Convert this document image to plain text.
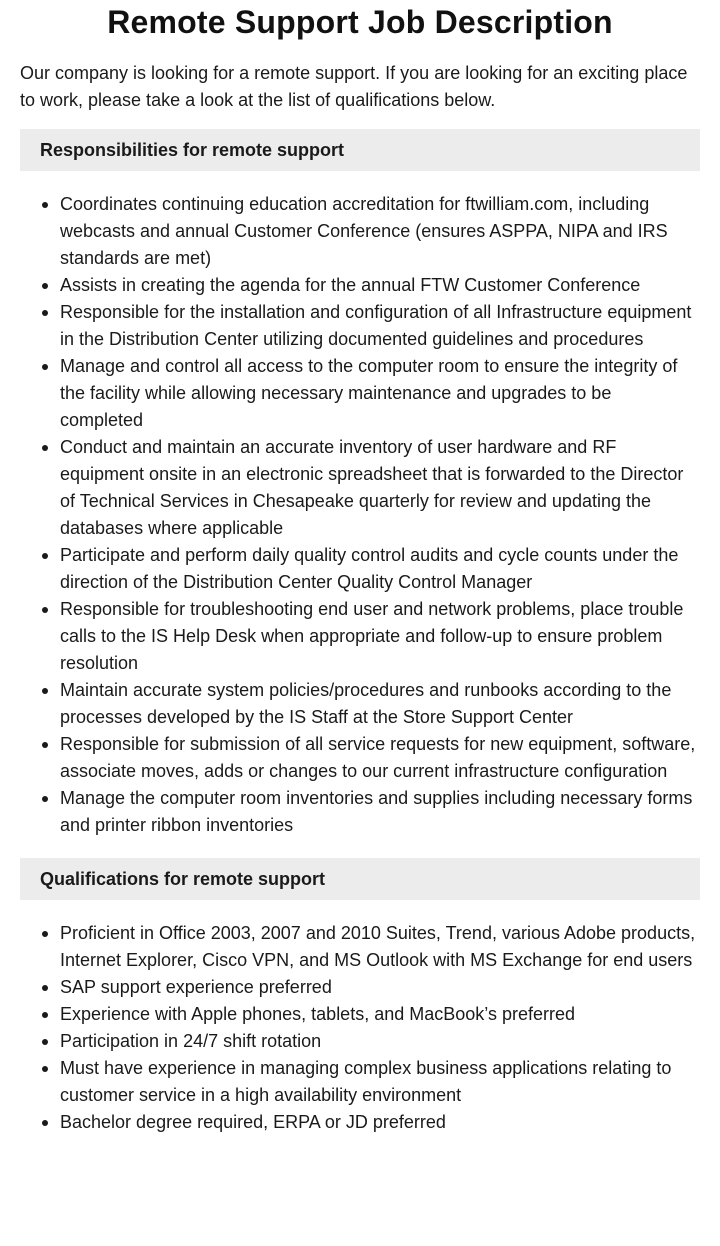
Remote Support Job Description

Our company is looking for a remote support. If you are looking for an exciting place to work, please take a look at the list of qualifications below.

Responsibilities for remote support
Coordinates continuing education accreditation for ftwilliam.com, including webcasts and annual Customer Conference (ensures ASPPA, NIPA and IRS standards are met)
Assists in creating the agenda for the annual FTW Customer Conference
Responsible for the installation and configuration of all Infrastructure equipment in the Distribution Center utilizing documented guidelines and procedures
Manage and control all access to the computer room to ensure the integrity of the facility while allowing necessary maintenance and upgrades to be completed
Conduct and maintain an accurate inventory of user hardware and RF equipment onsite in an electronic spreadsheet that is forwarded to the Director of Technical Services in Chesapeake quarterly for review and updating the databases where applicable
Participate and perform daily quality control audits and cycle counts under the direction of the Distribution Center Quality Control Manager
Responsible for troubleshooting end user and network problems, place trouble calls to the IS Help Desk when appropriate and follow-up to ensure problem resolution
Maintain accurate system policies/procedures and runbooks according to the processes developed by the IS Staff at the Store Support Center
Responsible for submission of all service requests for new equipment, software, associate moves, adds or changes to our current infrastructure configuration
Manage the computer room inventories and supplies including necessary forms and printer ribbon inventories
Qualifications for remote support
Proficient in Office 2003, 2007 and 2010 Suites, Trend, various Adobe products, Internet Explorer, Cisco VPN, and MS Outlook with MS Exchange for end users
SAP support experience preferred
Experience with Apple phones, tablets, and MacBook’s preferred
Participation in 24/7 shift rotation
Must have experience in managing complex business applications relating to customer service in a high availability environment
Bachelor degree required, ERPA or JD preferred
